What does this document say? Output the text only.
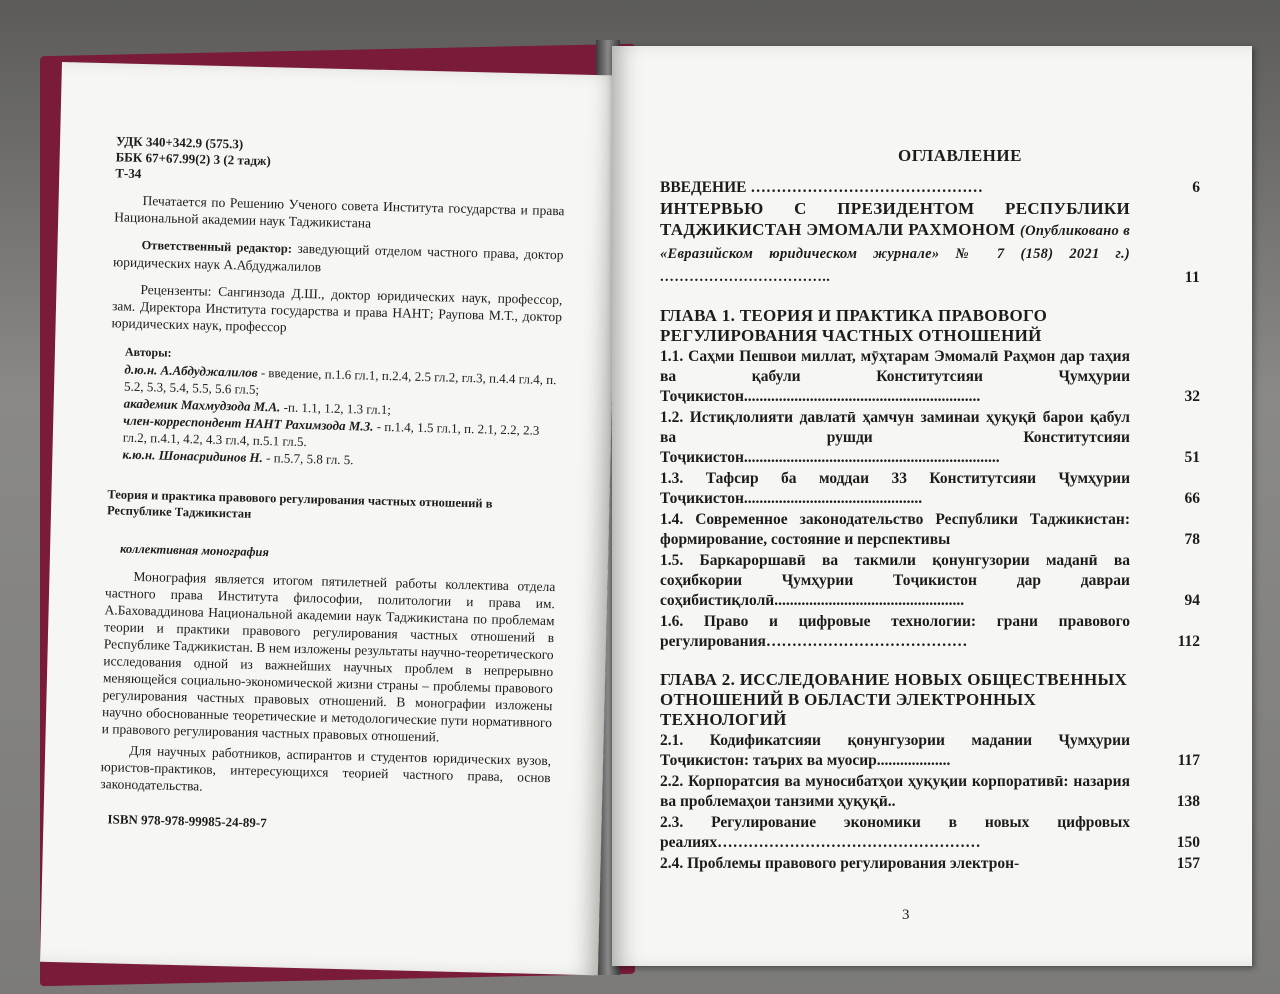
УДК 340+342.9 (575.3)
ББК 67+67.99(2) 3 (2 тадж)
Т-34
Печатается по Решению Ученого совета Института государства и права Национальной академии наук Таджикистана
Ответственный редактор: заведующий отделом частного права, доктор юридических наук А.Абдуджалилов
Рецензенты: Сангинзода Д.Ш., доктор юридических наук, профессор, зам. Директора Института государства и права НАНТ; Раупова М.Т., доктор юридических наук, профессор
Авторы:
д.ю.н. А.Абдуджалилов - введение, п.1.6 гл.1, п.2.4, 2.5 гл.2, гл.3, п.4.4 гл.4, п. 5.2, 5.3, 5.4, 5.5, 5.6 гл.5;
академик Махмудзода М.А. -п. 1.1, 1.2, 1.3 гл.1;
член-корреспондент НАНТ Рахимзода М.З. - п.1.4, 1.5 гл.1, п. 2.1, 2.2, 2.3 гл.2, п.4.1, 4.2, 4.3 гл.4, п.5.1 гл.5.
к.ю.н. Шонасридинов Н. - п.5.7, 5.8 гл. 5.
Теория и практика правового регулирования частных отношений в Республике Таджикистан
коллективная монография
Монография является итогом пятилетней работы коллектива отдела частного права Института философии, политологии и права им. А.Баховаддинова Национальной академии наук Таджикистана по проблемам теории и практики правового регулирования частных отношений в Республике Таджикистан. В нем изложены результаты научно-теоретического исследования одной из важнейших научных проблем в непрерывно меняющейся социально-экономической жизни страны – проблемы правового регулирования частных правовых отношений. В монографии изложены научно обоснованные теоретические и методологические пути нормативного и правового регулирования частных правовых отношений.
Для научных работников, аспирантов и студентов юридических вузов, юристов-практиков, интересующихся теорией частного права, основ законодательства.
ISBN 978-978-99985-24-89-7
ОГЛАВЛЕНИЕ
ВВЕДЕНИЕ ………………………………………	6
ИНТЕРВЬЮ С ПРЕЗИДЕНТОМ РЕСПУБЛИКИ ТАДЖИКИСТАН ЭМОМАЛИ РАХМОНОМ (Опубликовано в «Евразийском юридическом журнале» № 7 (158) 2021 г.) ……………………………..	11
ГЛАВА 1. ТЕОРИЯ И ПРАКТИКА ПРАВОВОГО РЕГУЛИРОВАНИЯ ЧАСТНЫХ ОТНОШЕНИЙ
1.1. Саҳми Пешвои миллат, мӯҳтарам Эмомалӣ Раҳмон дар таҳия ва қабули Конститутсияи Ҷумҳурии Тоҷикистон.............................................................	32
1.2. Истиқлолияти давлатӣ ҳамчун заминаи ҳуқуқӣ барои қабул ва рушди Конститутсияи Тоҷикистон..................................................................	51
1.3. Тафсир ба моддаи 33 Конститутсияи Ҷумҳурии Тоҷикистон..............................................	66
1.4. Современное законодательство Республики Таджикистан: формирование, состояние и перспективы	78
1.5. Баркароршавӣ ва такмили қонунгузории маданӣ ва соҳибкории Ҷумҳурии Тоҷикистон дар давраи соҳибистиқлолӣ.................................................	94
1.6. Право и цифровые технологии: грани правового регулирования…………………………………	112
ГЛАВА 2. ИССЛЕДОВАНИЕ НОВЫХ ОБЩЕСТВЕННЫХ ОТНОШЕНИЙ В ОБЛАСТИ ЭЛЕКТРОННЫХ ТЕХНОЛОГИЙ
2.1. Кодификатсияи қонунгузории мадании Ҷумҳурии Тоҷикистон: таърих ва муосир...................	117
2.2. Корпоратсия ва муносибатҳои ҳуқуқии корпоративӣ: назария ва проблемаҳои танзими ҳуқуқӣ..	138
2.3. Регулирование экономики в новых цифровых реалиях……………………………………………	150
2.4. Проблемы правового регулирования электрон-	157
3
